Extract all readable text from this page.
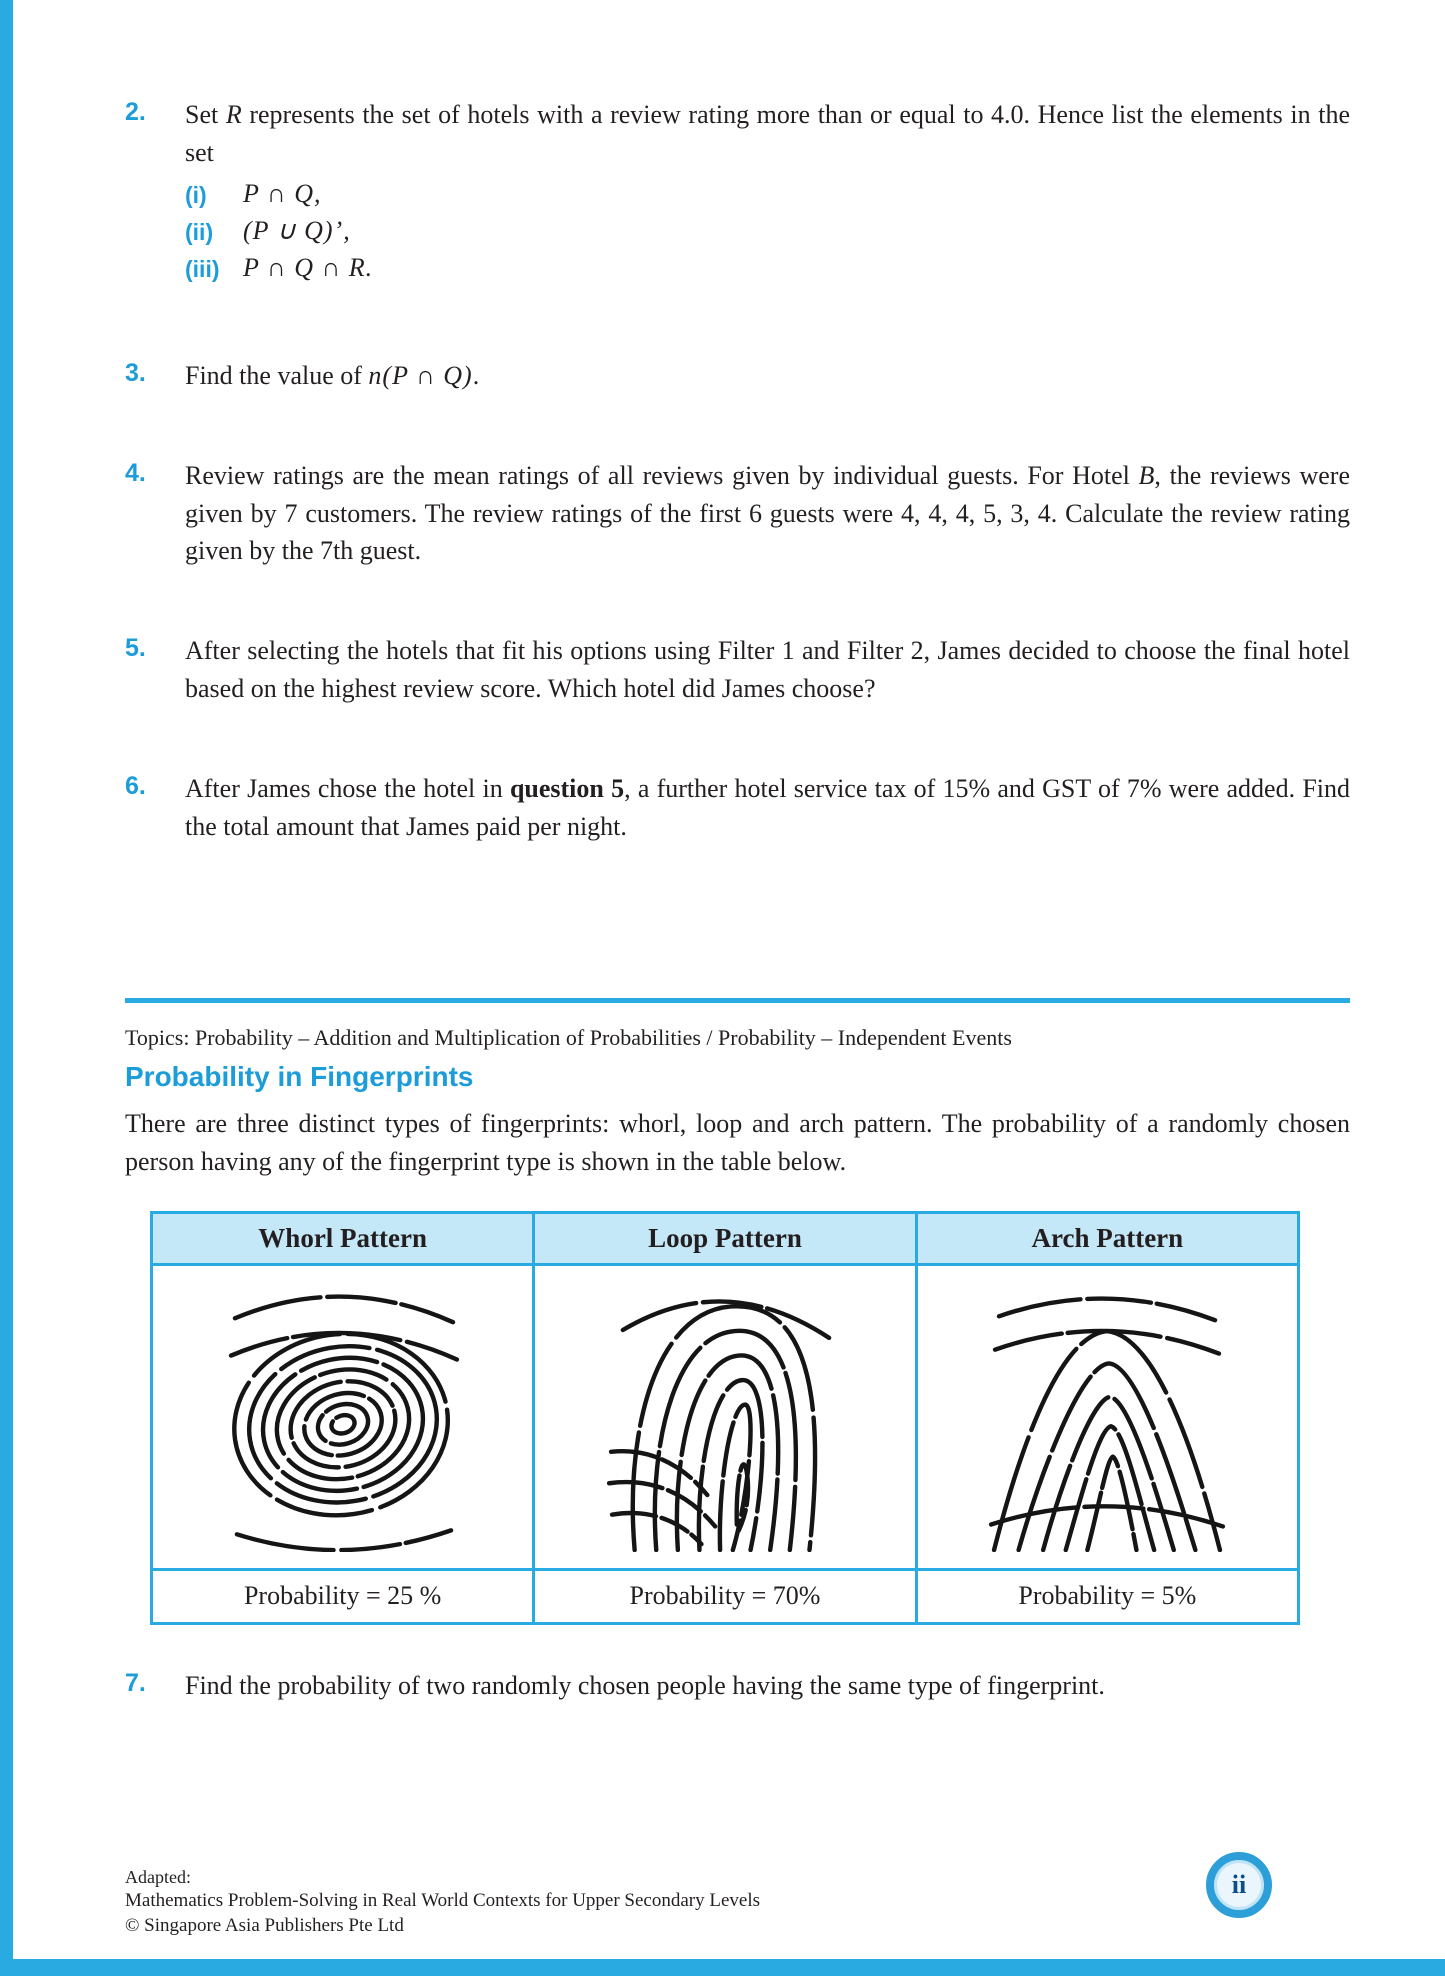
2.	Set R represents the set of hotels with a review rating more than or equal to 4.0. Hence list the elements in the set
(i)	P ∩ Q,
(ii)	(P ∪ Q)’,
(iii) P ∩ Q ∩ R.
3.	Find the value of n(P ∩ Q).
4.	Review ratings are the mean ratings of all reviews given by individual guests. For Hotel B, the reviews were given by 7 customers. The review ratings of the first 6 guests were 4, 4, 4, 5, 3, 4. Calculate the review rating given by the 7th guest.
5.	After selecting the hotels that fit his options using Filter 1 and Filter 2, James decided to choose the final hotel based on the highest review score. Which hotel did James choose?
6.	After James chose the hotel in question 5, a further hotel service tax of 15% and GST of 7% were added. Find the total amount that James paid per night.
Topics: Probability – Addition and Multiplication of Probabilities / Probability – Independent Events
Probability in Fingerprints
There are three distinct types of fingerprints: whorl, loop and arch pattern. The probability of a randomly chosen person having any of the fingerprint type is shown in the table below.
Whorl Pattern	Loop Pattern	Arch Pattern

Probability = 25 %	Probability = 70%	Probability = 5%
7.	Find the probability of two randomly chosen people having the same type of fingerprint.
Adapted:
Mathematics Problem-Solving in Real World Contexts for Upper Secondary Levels
© Singapore Asia Publishers Pte Ltd
ii
